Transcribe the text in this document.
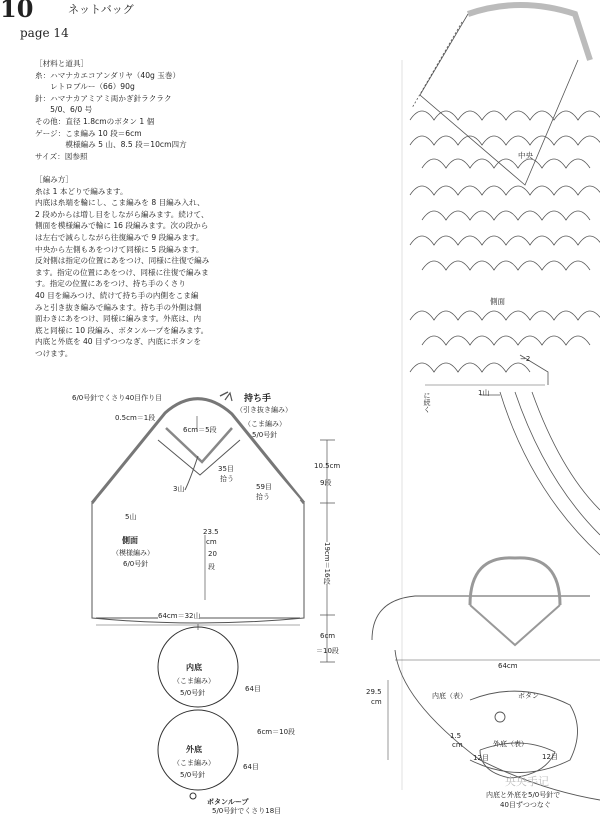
10	ネットバッグ
page 14
［材料と道具］
糸：ハマナカエコアンダリヤ（40g 玉巻）
　　レトロブルー（66）90g
針：ハマナカアミアミ両かぎ針ラクラク
　　5/0、6/0 号
その他：直径 1.8cmのボタン 1 個
ゲージ：こま編み 10 段＝6cm
　　　　模様編み 5 山、8.5 段＝10cm四方
サイズ：図参照
［編み方］
糸は 1 本どりで編みます。
内底は糸端を輪にし、こま編みを 8 目編み入れ、
2 段めからは増し目をしながら編みます。続けて、
側面を模様編みで輪に 16 段編みます。次の段から
は左右で減らしながら往復編みで 9 段編みます。
中央から左側もあをつけて同様に 5 段編みます。
反対側は指定の位置にあをつけ、同様に往復で編み
ます。指定の位置にあをつけ、同様に往復で編みま
す。指定の位置にあをつけ、持ち手のくさり
40 目を編みつけ、続けて持ち手の内側をこま編
みと引き抜き編みで編みます。持ち手の外側は側
面わきにあをつけ、同様に編みます。外底は、内
底と同様に 10 段編み、ボタンループを編みます。
内底と外底を 40 目ずつつなぎ、内底にボタンを
つけます。
中央
側面
1山
−2
に続く
6/0号針でくさり40目作り目
0.5cm＝1段
持ち手
（引き抜き編み）
（こま編み）
5/0号針
6cm＝5段
35目
拾う
59目
拾う
3山
5山
側面
（模様編み）
6/0号針
23.5
cm
20
段
64cm＝32山
10.5cm
9段
19cm＝16段
6cm
＝10段
内底
（こま編み）
5/0号針	64目
外底
（こま編み）
5/0号針
64目
6cm＝10段
ボタンループ
5/0号針でくさり18目
64cm
29.5
cm
内底（表）	ボタン
外底（表）
1.5
cm
12目	12目
内底と外底を5/0号針で
40目ずつつなぐ
央央手记
